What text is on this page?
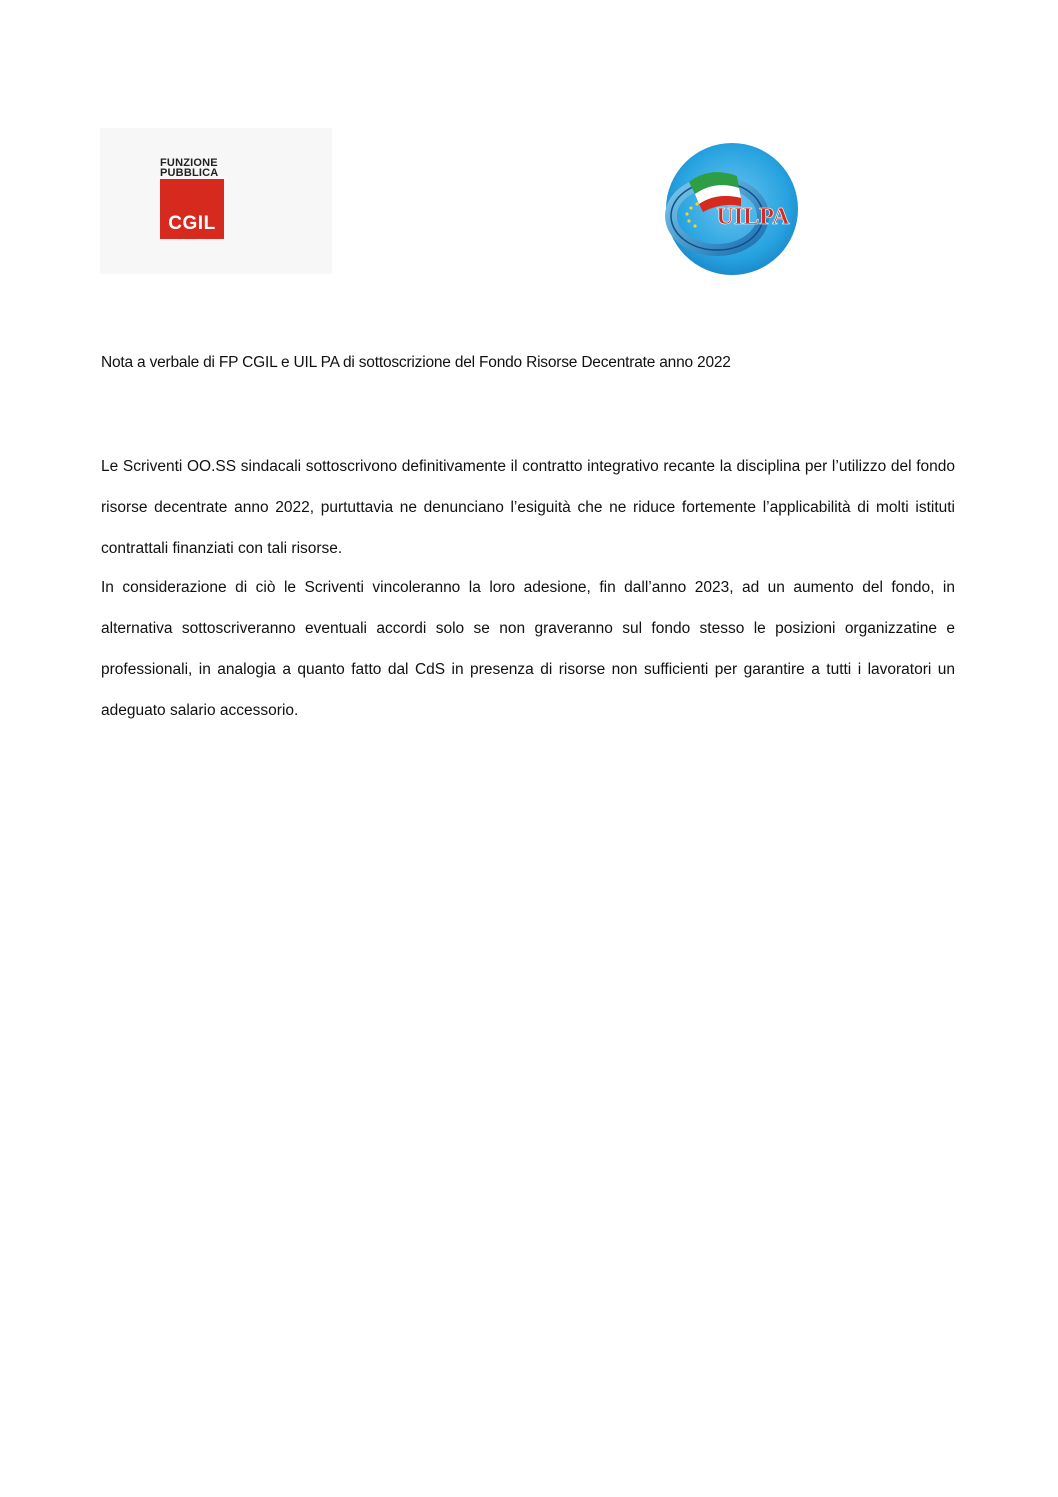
FUNZIONE
PUBBLICA
CGIL	UILPA
Nota a verbale di FP CGIL e UIL PA di sottoscrizione del Fondo Risorse Decentrate anno 2022

Le Scriventi OO.SS sindacali sottoscrivono definitivamente il contratto integrativo recante la disciplina per l’utilizzo del fondo risorse decentrate anno 2022, purtuttavia ne denunciano l’esiguità che ne riduce fortemente l’applicabilità di molti istituti contrattali finanziati con tali risorse.

In considerazione di ciò le Scriventi vincoleranno la loro adesione, fin dall’anno 2023, ad un aumento del fondo, in alternativa sottoscriveranno eventuali accordi solo se non graveranno sul fondo stesso le posizioni organizzatine e professionali, in analogia a quanto fatto dal CdS in presenza di risorse non sufficienti per garantire a tutti i lavoratori un adeguato salario accessorio.
